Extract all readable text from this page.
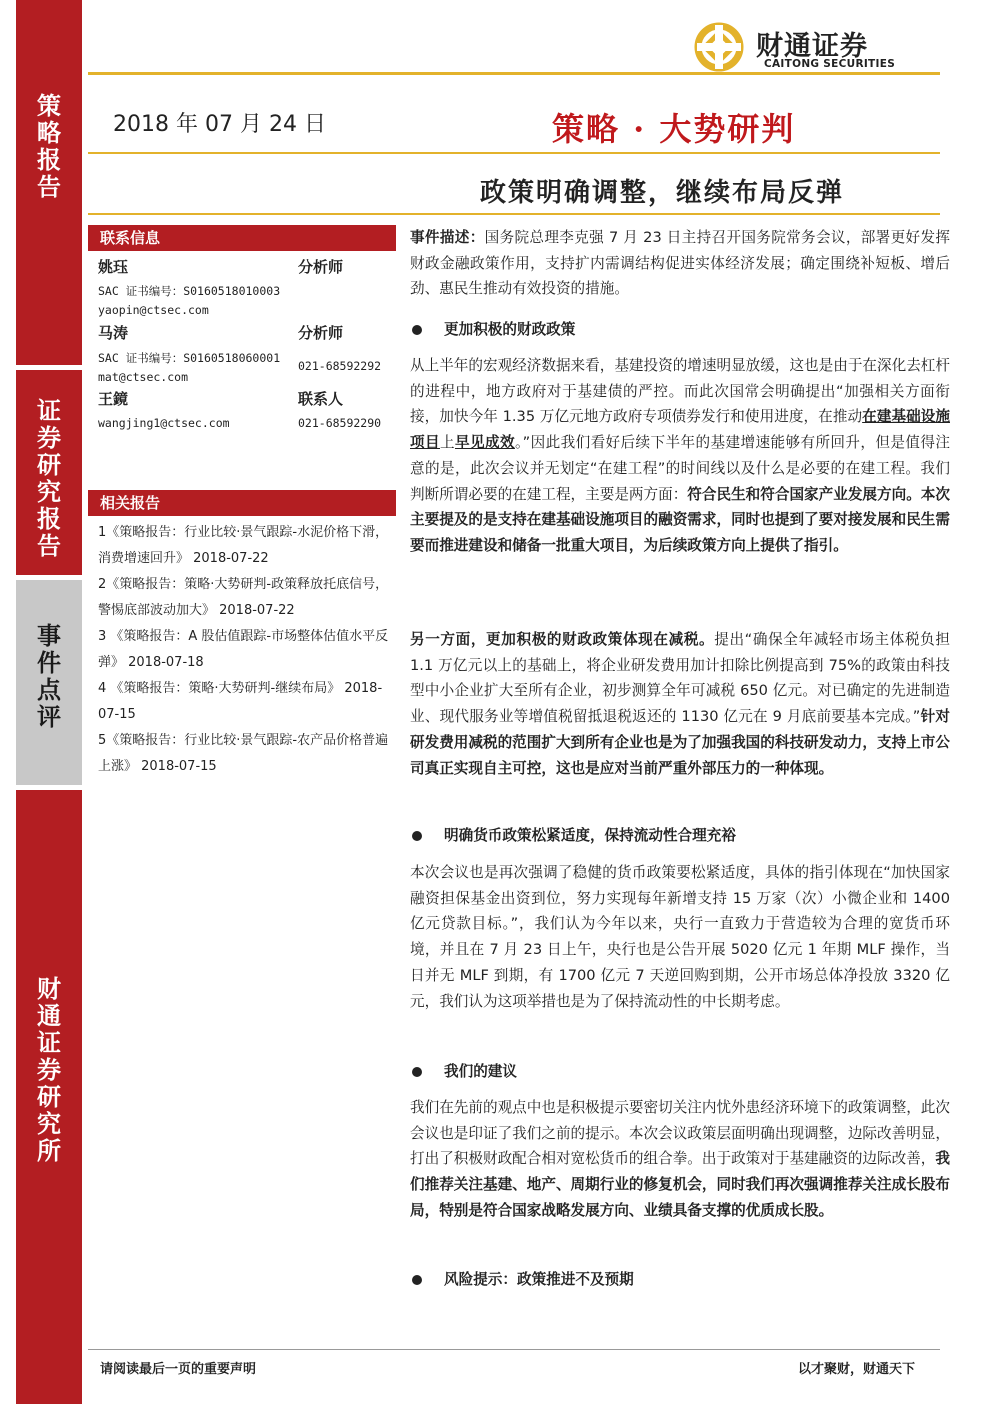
策
略
报
告
证
券
研
究
报
告
事
件
点
评
财
通
证
券
研
究
所
财通证券
CAITONG SECURITIES
2018 年 07 月 24 日	策略 · 大势研判
政策明确调整，继续布局反弹
联系信息
姚珏	分析师
SAC 证书编号：S0160518010003
yaopin@ctsec.com
马涛	分析师
SAC 证书编号：S0160518060001
021-68592292
mat@ctsec.com
王鏡	联系人
wangjing1@ctsec.com	021-68592290
相关报告
1《策略报告：行业比较·景气跟踪-水泥价格下滑，消费增速回升》 2018-07-22
2《策略报告：策略·大势研判-政策释放托底信号，警惕底部波动加大》 2018-07-22
3 《策略报告：A 股估值跟踪-市场整体估值水平反弹》 2018-07-18
4 《策略报告：策略·大势研判-继续布局》 2018-07-15
5《策略报告：行业比较·景气跟踪-农产品价格普遍上涨》 2018-07-15
事件描述：国务院总理李克强 7 月 23 日主持召开国务院常务会议，部署更好发挥财政金融政策作用，支持扩内需调结构促进实体经济发展；确定围绕补短板、增后劲、惠民生推动有效投资的措施。
更加积极的财政政策
从上半年的宏观经济数据来看，基建投资的增速明显放缓，这也是由于在深化去杠杆的进程中，地方政府对于基建债的严控。而此次国常会明确提出“加强相关方面衔接，加快今年 1.35 万亿元地方政府专项债券发行和使用进度，在推动在建基础设施项目上早见成效。”因此我们看好后续下半年的基建增速能够有所回升，但是值得注意的是，此次会议并无划定“在建工程”的时间线以及什么是必要的在建工程。我们判断所谓必要的在建工程，主要是两方面：符合民生和符合国家产业发展方向。本次主要提及的是支持在建基础设施项目的融资需求，同时也提到了要对接发展和民生需要而推进建设和储备一批重大项目，为后续政策方向上提供了指引。
另一方面，更加积极的财政政策体现在减税。提出“确保全年减轻市场主体税负担 1.1 万亿元以上的基础上，将企业研发费用加计扣除比例提高到 75%的政策由科技型中小企业扩大至所有企业，初步测算全年可减税 650 亿元。对已确定的先进制造业、现代服务业等增值税留抵退税返还的 1130 亿元在 9 月底前要基本完成。”针对研发费用减税的范围扩大到所有企业也是为了加强我国的科技研发动力，支持上市公司真正实现自主可控，这也是应对当前严重外部压力的一种体现。
明确货币政策松紧适度，保持流动性合理充裕
本次会议也是再次强调了稳健的货币政策要松紧适度，具体的指引体现在“加快国家融资担保基金出资到位，努力实现每年新增支持 15 万家（次）小微企业和 1400 亿元贷款目标。”，我们认为今年以来，央行一直致力于营造较为合理的宽货币环境，并且在 7 月 23 日上午，央行也是公告开展 5020 亿元 1 年期 MLF 操作，当日并无 MLF 到期，有 1700 亿元 7 天逆回购到期，公开市场总体净投放 3320 亿元，我们认为这项举措也是为了保持流动性的中长期考虑。
我们的建议
我们在先前的观点中也是积极提示要密切关注内忧外患经济环境下的政策调整，此次会议也是印证了我们之前的提示。本次会议政策层面明确出现调整，边际改善明显，打出了积极财政配合相对宽松货币的组合拳。出于政策对于基建融资的边际改善，我们推荐关注基建、地产、周期行业的修复机会，同时我们再次强调推荐关注成长股布局，特别是符合国家战略发展方向、业绩具备支撑的优质成长股。
风险提示：政策推进不及预期
请阅读最后一页的重要声明	以才聚财，财通天下
